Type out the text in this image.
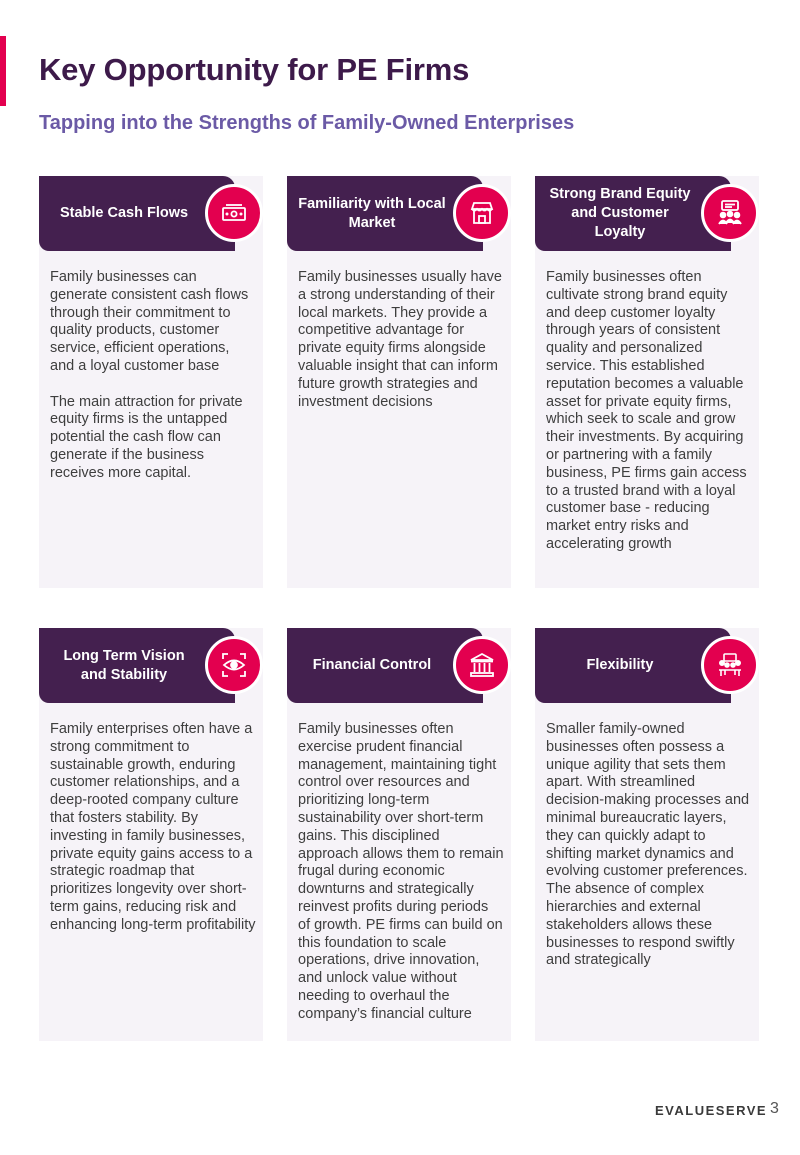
Key Opportunity for PE Firms
Tapping into the Strengths of Family-Owned Enterprises
Stable Cash Flows

Family businesses can generate consistent cash flows through their commitment to quality products, customer service, efficient operations, and a loyal customer base

The main attraction for private equity firms is the untapped potential the cash flow can generate if the business receives more capital.

Familiarity with Local Market

Family businesses usually have a strong understanding of their local markets. They provide a competitive advantage for private equity firms alongside valuable insight that can inform future growth strategies and investment decisions

Strong Brand Equity and Customer Loyalty

Family businesses often cultivate strong brand equity and deep customer loyalty through years of consistent quality and personalized service. This established reputation becomes a valuable asset for private equity firms, which seek to scale and grow their investments. By acquiring or partnering with a family business, PE firms gain access to a trusted brand with a loyal customer base - reducing market entry risks and accelerating growth

Long Term Vision and Stability

Family enterprises often have a strong commitment to sustainable growth, enduring customer relationships, and a deep-rooted company culture that fosters stability. By investing in family businesses, private equity gains access to a strategic roadmap that prioritizes longevity over short-term gains, reducing risk and enhancing long-term profitability

Financial Control

Family businesses often exercise prudent financial management, maintaining tight control over resources and prioritizing long-term sustainability over short-term gains. This disciplined approach allows them to remain frugal during economic downturns and strategically reinvest profits during periods of growth. PE firms can build on this foundation to scale operations, drive innovation, and unlock value without needing to overhaul the company’s financial culture

Flexibility

Smaller family-owned businesses often possess a unique agility that sets them apart. With streamlined decision-making processes and minimal bureaucratic layers, they can quickly adapt to shifting market dynamics and evolving customer preferences. The absence of complex hierarchies and external stakeholders allows these businesses to respond swiftly and strategically

EVALUESERVE 3
